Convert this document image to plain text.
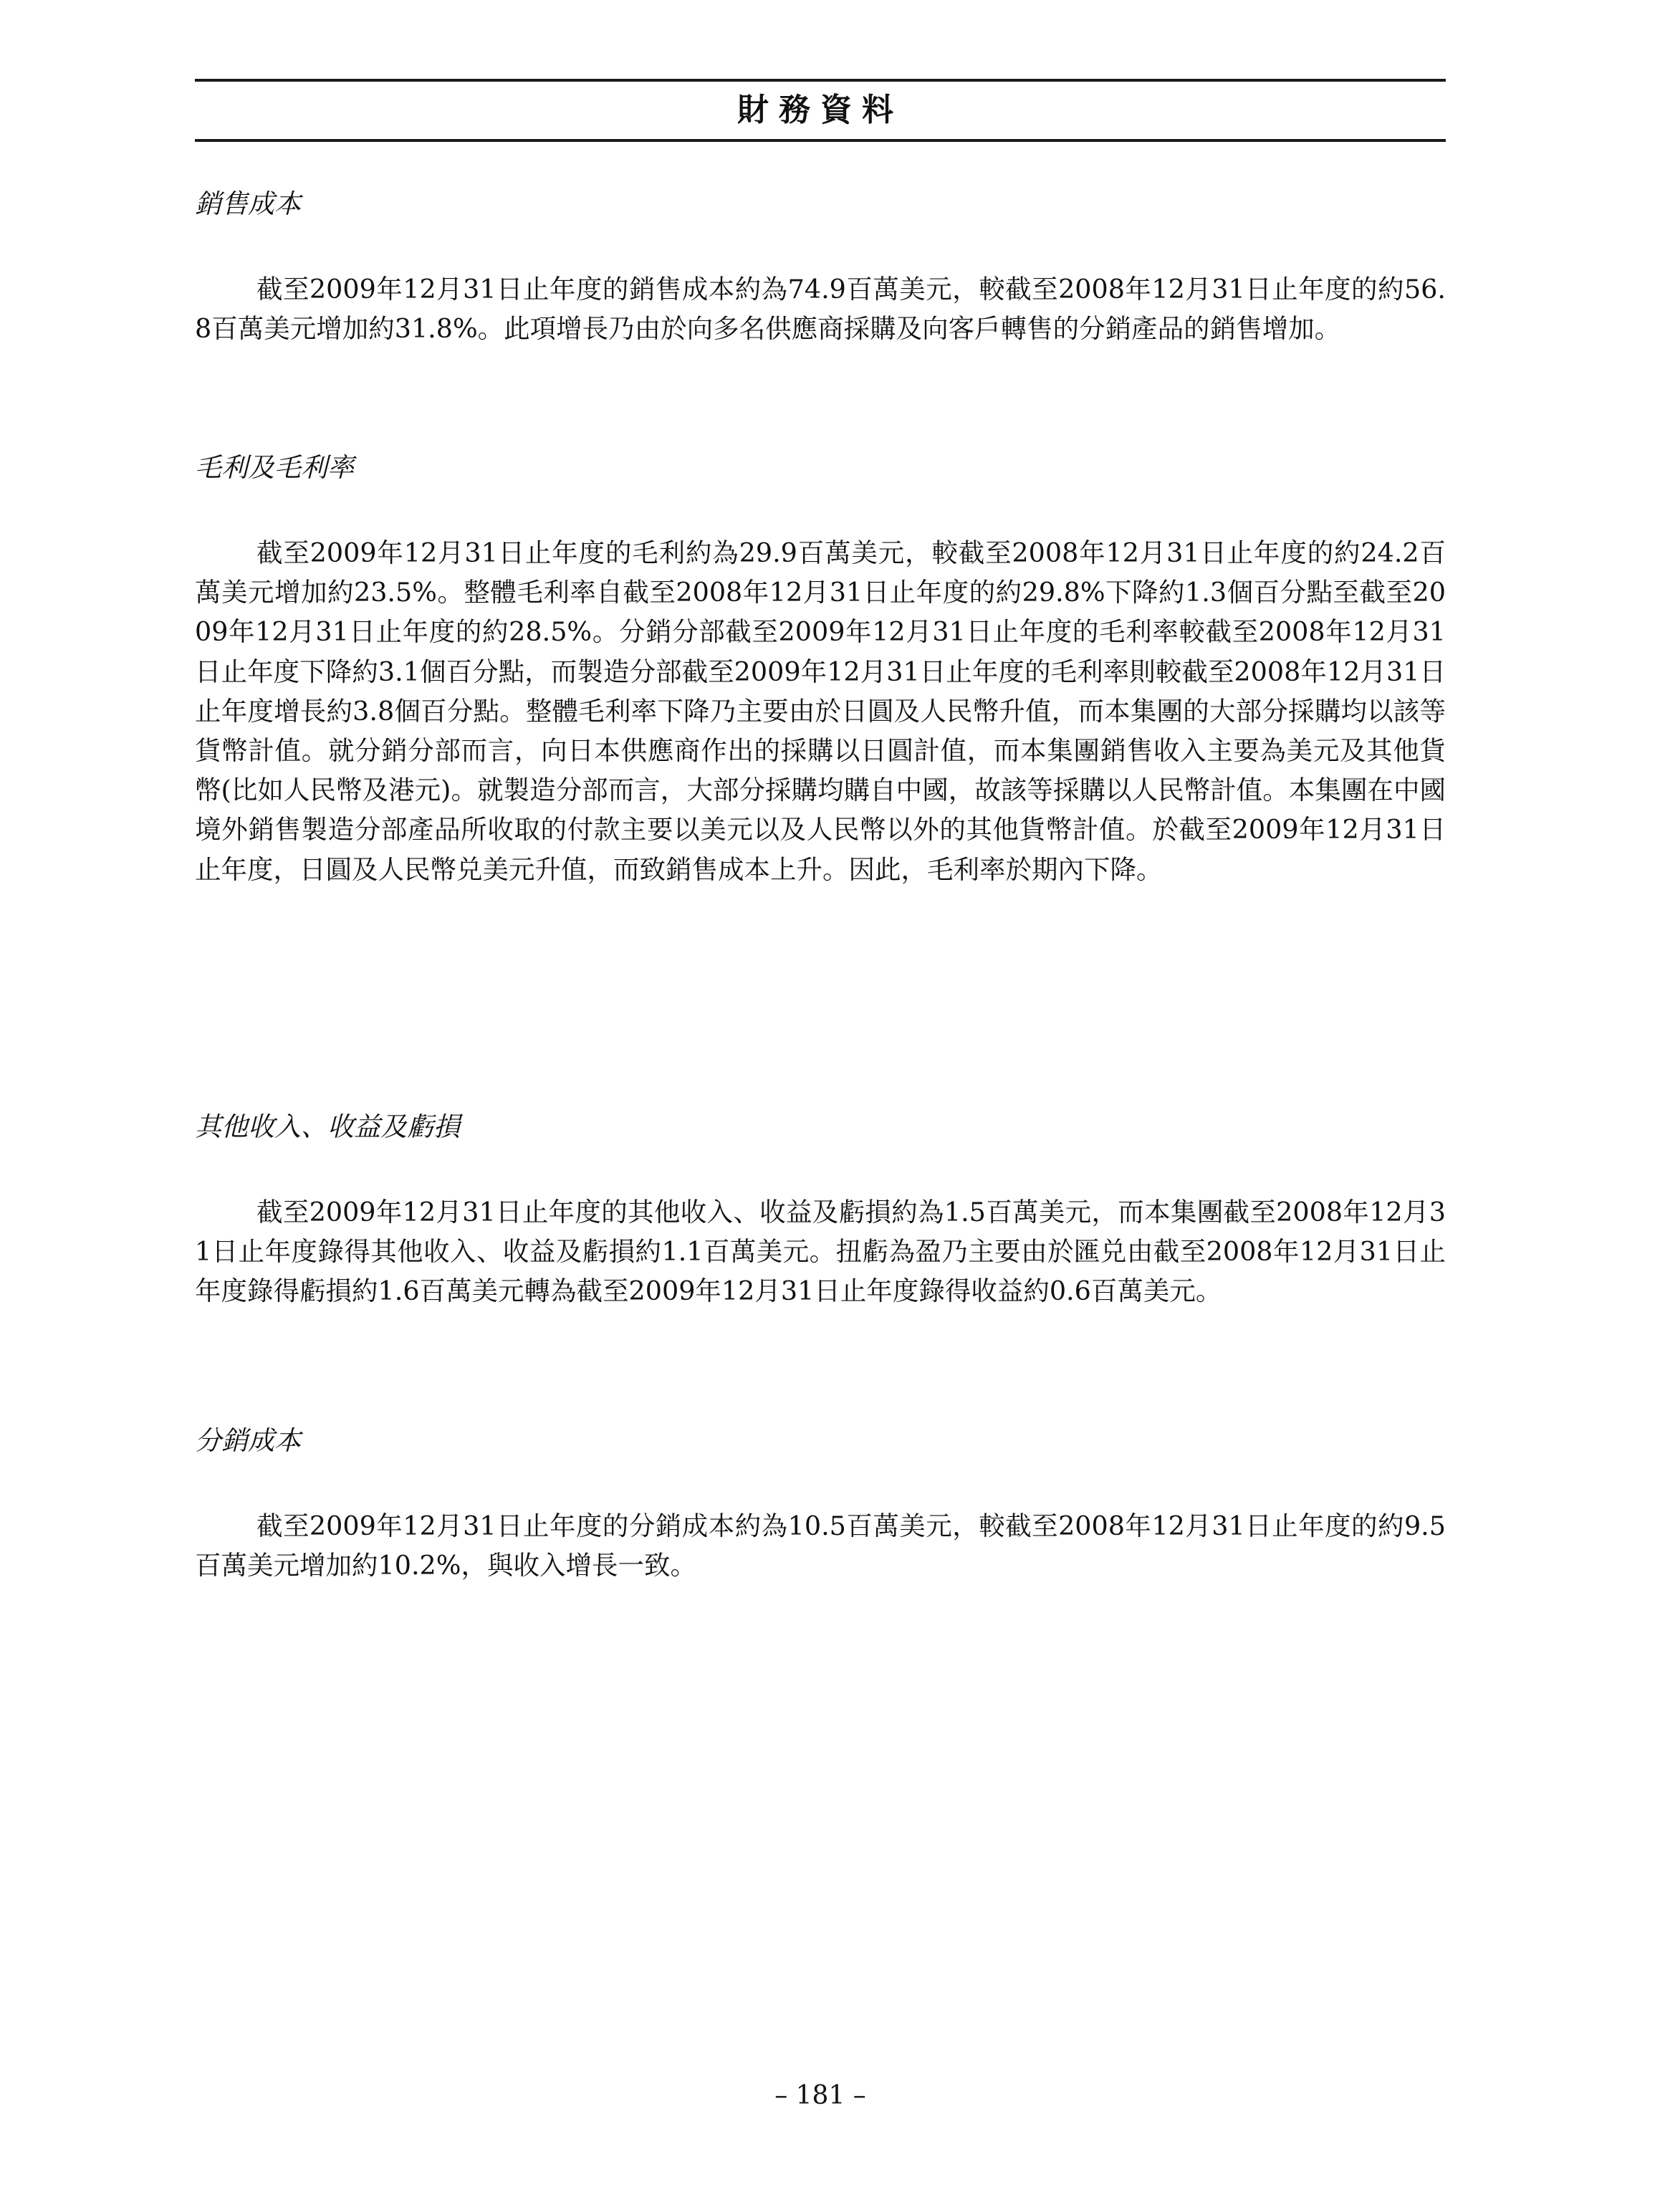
財務資料

銷售成本

截至2009年12月31日止年度的銷售成本約為74.9百萬美元，較截至2008年12月31日止年度的約56.8百萬美元增加約31.8%。此項增長乃由於向多名供應商採購及向客戶轉售的分銷產品的銷售增加。

毛利及毛利率

截至2009年12月31日止年度的毛利約為29.9百萬美元，較截至2008年12月31日止年度的約24.2百萬美元增加約23.5%。整體毛利率自截至2008年12月31日止年度的約29.8%下降約1.3個百分點至截至2009年12月31日止年度的約28.5%。分銷分部截至2009年12月31日止年度的毛利率較截至2008年12月31日止年度下降約3.1個百分點，而製造分部截至2009年12月31日止年度的毛利率則較截至2008年12月31日止年度增長約3.8個百分點。整體毛利率下降乃主要由於日圓及人民幣升值，而本集團的大部分採購均以該等貨幣計值。就分銷分部而言，向日本供應商作出的採購以日圓計值，而本集團銷售收入主要為美元及其他貨幣(比如人民幣及港元)。就製造分部而言，大部分採購均購自中國，故該等採購以人民幣計值。本集團在中國境外銷售製造分部產品所收取的付款主要以美元以及人民幣以外的其他貨幣計值。於截至2009年12月31日止年度，日圓及人民幣兑美元升值，而致銷售成本上升。因此，毛利率於期內下降。

其他收入、收益及虧損

截至2009年12月31日止年度的其他收入、收益及虧損約為1.5百萬美元，而本集團截至2008年12月31日止年度錄得其他收入、收益及虧損約1.1百萬美元。扭虧為盈乃主要由於匯兑由截至2008年12月31日止年度錄得虧損約1.6百萬美元轉為截至2009年12月31日止年度錄得收益約0.6百萬美元。

分銷成本

截至2009年12月31日止年度的分銷成本約為10.5百萬美元，較截至2008年12月31日止年度的約9.5百萬美元增加約10.2%，與收入增長一致。

– 181 –
